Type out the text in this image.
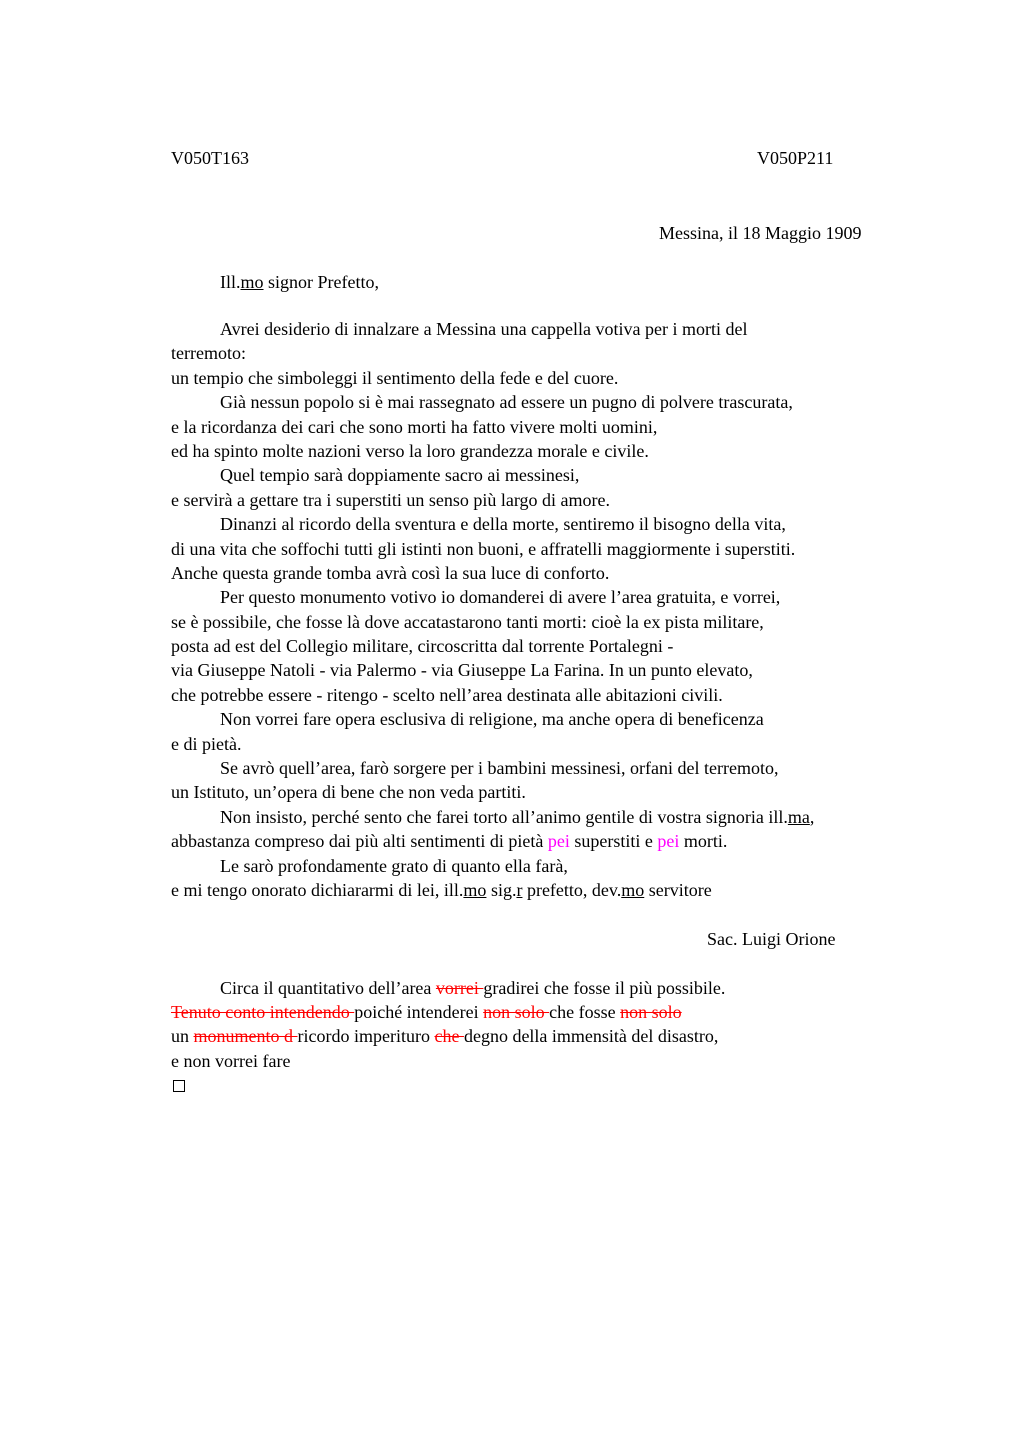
V050T163	V050P211
Messina, il 18 Maggio 1909
Ill.mo signor Prefetto,
Avrei desiderio di innalzare a Messina una cappella votiva per i morti del
terremoto:
un tempio che simboleggi il sentimento della fede e del cuore.
Già nessun popolo si è mai rassegnato ad essere un pugno di polvere trascurata,
e la ricordanza dei cari che sono morti ha fatto vivere molti uomini,
ed ha spinto molte nazioni verso la loro grandezza morale e civile.
Quel tempio sarà doppiamente sacro ai messinesi,
e servirà a gettare tra i superstiti un senso più largo di amore.
Dinanzi al ricordo della sventura e della morte, sentiremo il bisogno della vita,
di una vita che soffochi tutti gli istinti non buoni, e affratelli maggiormente i superstiti.
Anche questa grande tomba avrà così la sua luce di conforto.
Per questo monumento votivo io domanderei di avere l’area gratuita, e vorrei,
se è possibile, che fosse là dove accatastarono tanti morti: cioè la ex pista militare,
posta ad est del Collegio militare, circoscritta dal torrente Portalegni -
via Giuseppe Natoli - via Palermo - via Giuseppe La Farina. In un punto elevato,
che potrebbe essere - ritengo - scelto nell’area destinata alle abitazioni civili.
Non vorrei fare opera esclusiva di religione, ma anche opera di beneficenza
e di pietà.
Se avrò quell’area, farò sorgere per i bambini messinesi, orfani del terremoto,
un Istituto, un’opera di bene che non veda partiti.
Non insisto, perché sento che farei torto all’animo gentile di vostra signoria ill.ma,
abbastanza compreso dai più alti sentimenti di pietà pei superstiti e pei morti.
Le sarò profondamente grato di quanto ella farà,
e mi tengo onorato dichiararmi di lei, ill.mo sig.r prefetto, dev.mo servitore
Sac. Luigi Orione
Circa il quantitativo dell’area vorrei gradirei che fosse il più possibile.
Tenuto conto intendendo poiché intenderei non solo che fosse non solo
un monumento d ricordo imperituro che degno della immensità del disastro,
e non vorrei fare
